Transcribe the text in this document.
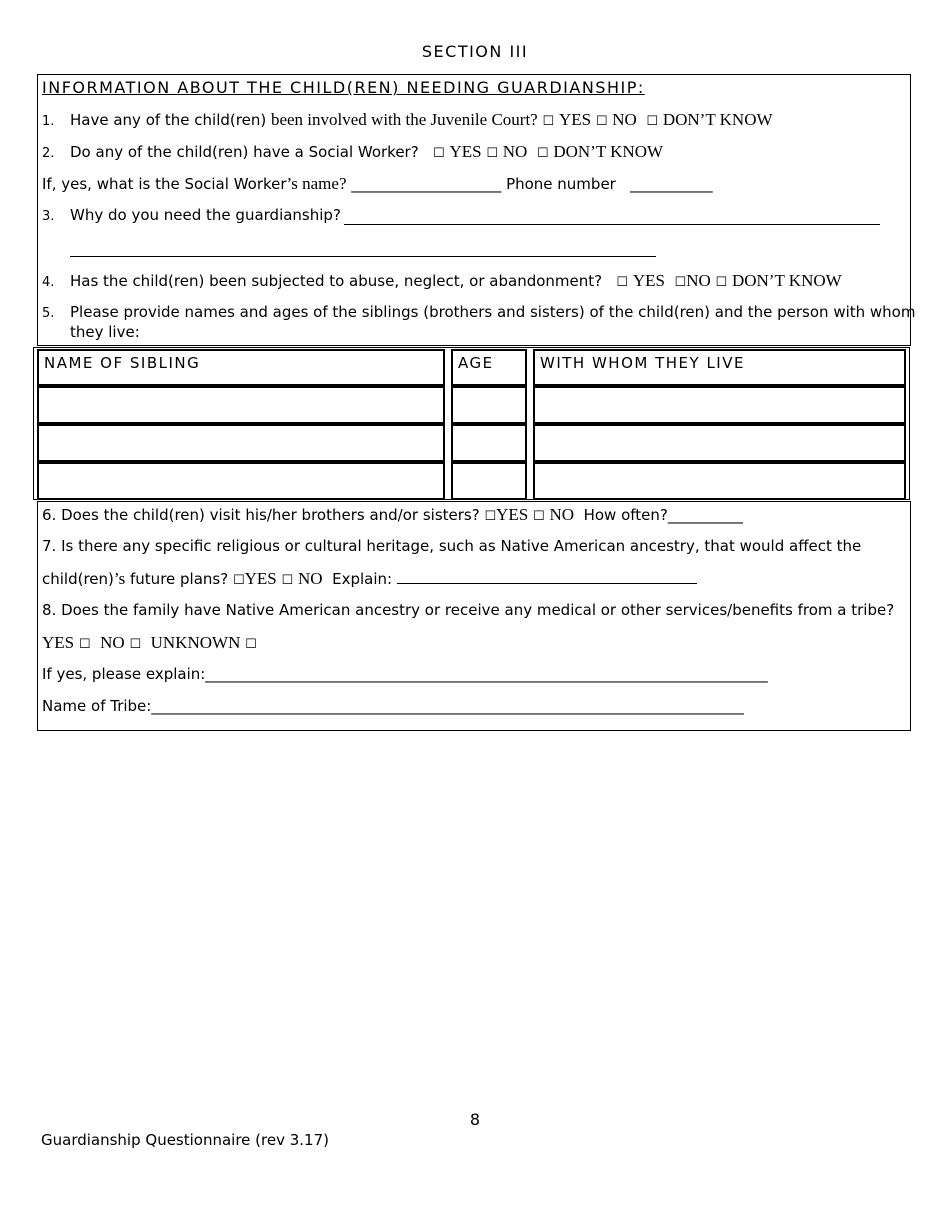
SECTION III
INFORMATION ABOUT THE CHILD(REN) NEEDING GUARDIANSHIP:
1. Have any of the child(ren) been involved with the Juvenile Court? ☐ YES ☐ NO ☐ DON’T KNOW
2. Do any of the child(ren) have a Social Worker? ☐ YES ☐ NO ☐ DON’T KNOW
If, yes, what is the Social Worker’s name? ____________________ Phone number ___________
3. Why do you need the guardianship?
4. Has the child(ren) been subjected to abuse, neglect, or abandonment? ☐ YES ☐NO ☐ DON’T KNOW
5. Please provide names and ages of the siblings (brothers and sisters) of the child(ren) and the person with whom
they live:
NAME OF SIBLING	AGE	WITH WHOM THEY LIVE
6. Does the child(ren) visit his/her brothers and/or sisters? ☐YES ☐ NO How often?__________
7. Is there any specific religious or cultural heritage, such as Native American ancestry, that would affect the
child(ren)’s future plans? ☐YES ☐ NO Explain:
8. Does the family have Native American ancestry or receive any medical or other services/benefits from a tribe?
YES ☐ NO ☐ UNKNOWN ☐
If yes, please explain:___________________________________________________________________________
Name of Tribe:_______________________________________________________________________________
8
Guardianship Questionnaire (rev 3.17)
